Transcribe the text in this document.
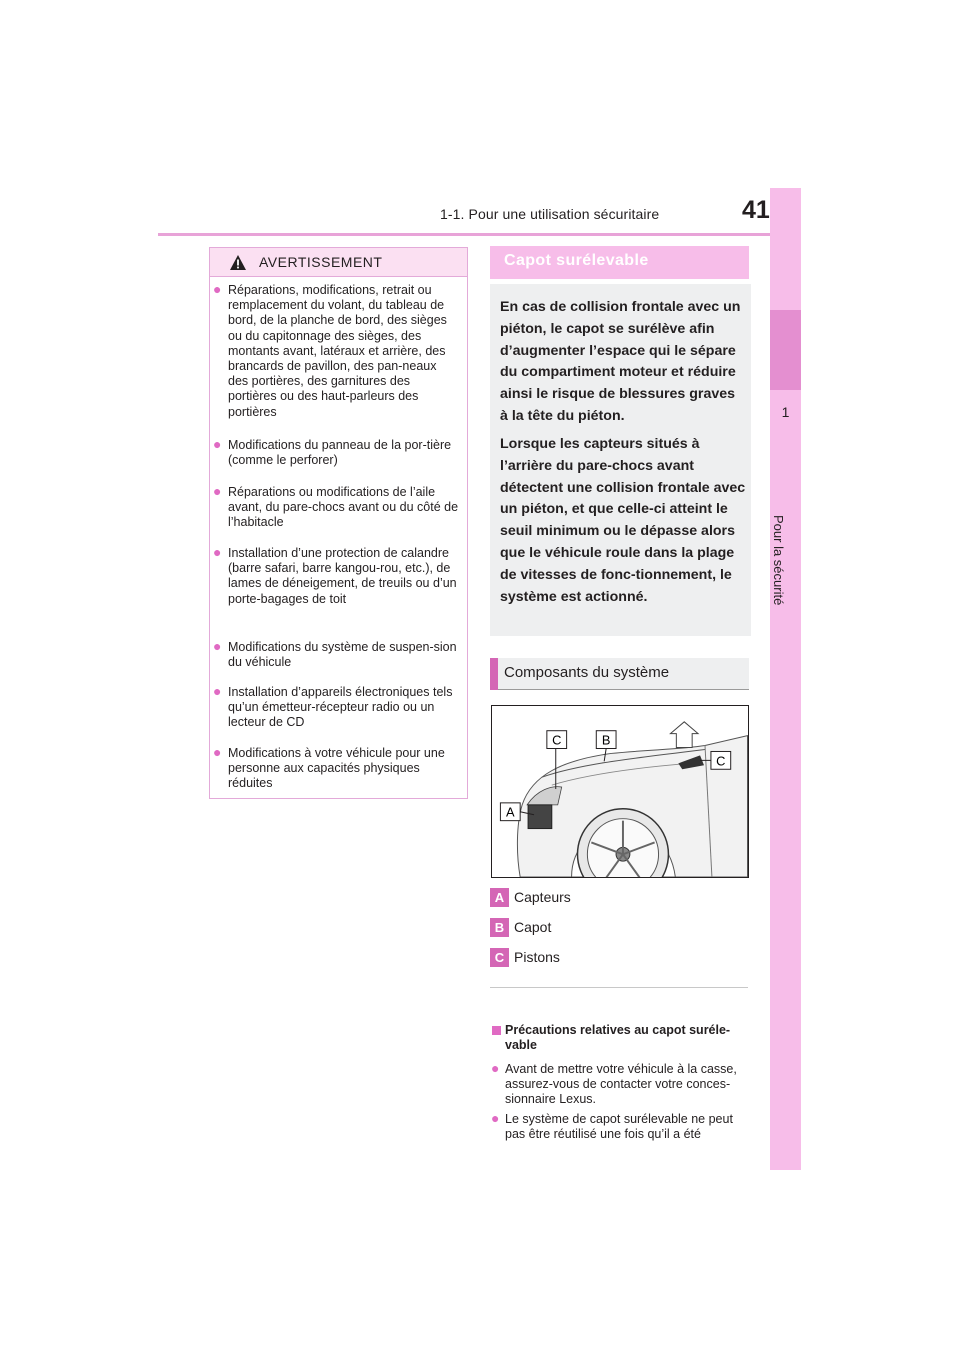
1-1. Pour une utilisation sécuritaire	41
1
Pour la sécurité
AVERTISSEMENT
● Réparations, modifications, retrait ou remplacement du volant, du tableau de bord, de la planche de bord, des sièges ou du capitonnage des sièges, des montants avant, latéraux et arrière, des brancards de pavillon, des pan-neaux des portières, des garnitures des portières ou des haut-parleurs des portières
● Modifications du panneau de la por-tière (comme le perforer)
● Réparations ou modifications de l’aile avant, du pare-chocs avant ou du côté de l’habitacle
● Installation d’une protection de calandre (barre safari, barre kangou-rou, etc.), de lames de déneigement, de treuils ou d’un porte-bagages de toit
● Modifications du système de suspen-sion du véhicule
● Installation d’appareils électroniques tels qu’un émetteur-récepteur radio ou un lecteur de CD
● Modifications à votre véhicule pour une personne aux capacités physiques réduites
Capot surélevable
En cas de collision frontale avec un piéton, le capot se surélève afin d’augmenter l’espace qui le sépare du compartiment moteur et réduire ainsi le risque de blessures graves à la tête du piéton.
Lorsque les capteurs situés à l’arrière du pare-chocs avant détectent une collision frontale avec un piéton, et que celle-ci atteint le seuil minimum ou le dépasse alors que le véhicule roule dans la plage de vitesses de fonc-tionnement, le système est actionné.
Composants du système
C	B
C
A
A Capteurs
B Capot
C Pistons
Précautions relatives au capot suréle-vable
● Avant de mettre votre véhicule à la casse, assurez-vous de contacter votre conces-sionnaire Lexus.
● Le système de capot surélevable ne peut pas être réutilisé une fois qu’il a été
